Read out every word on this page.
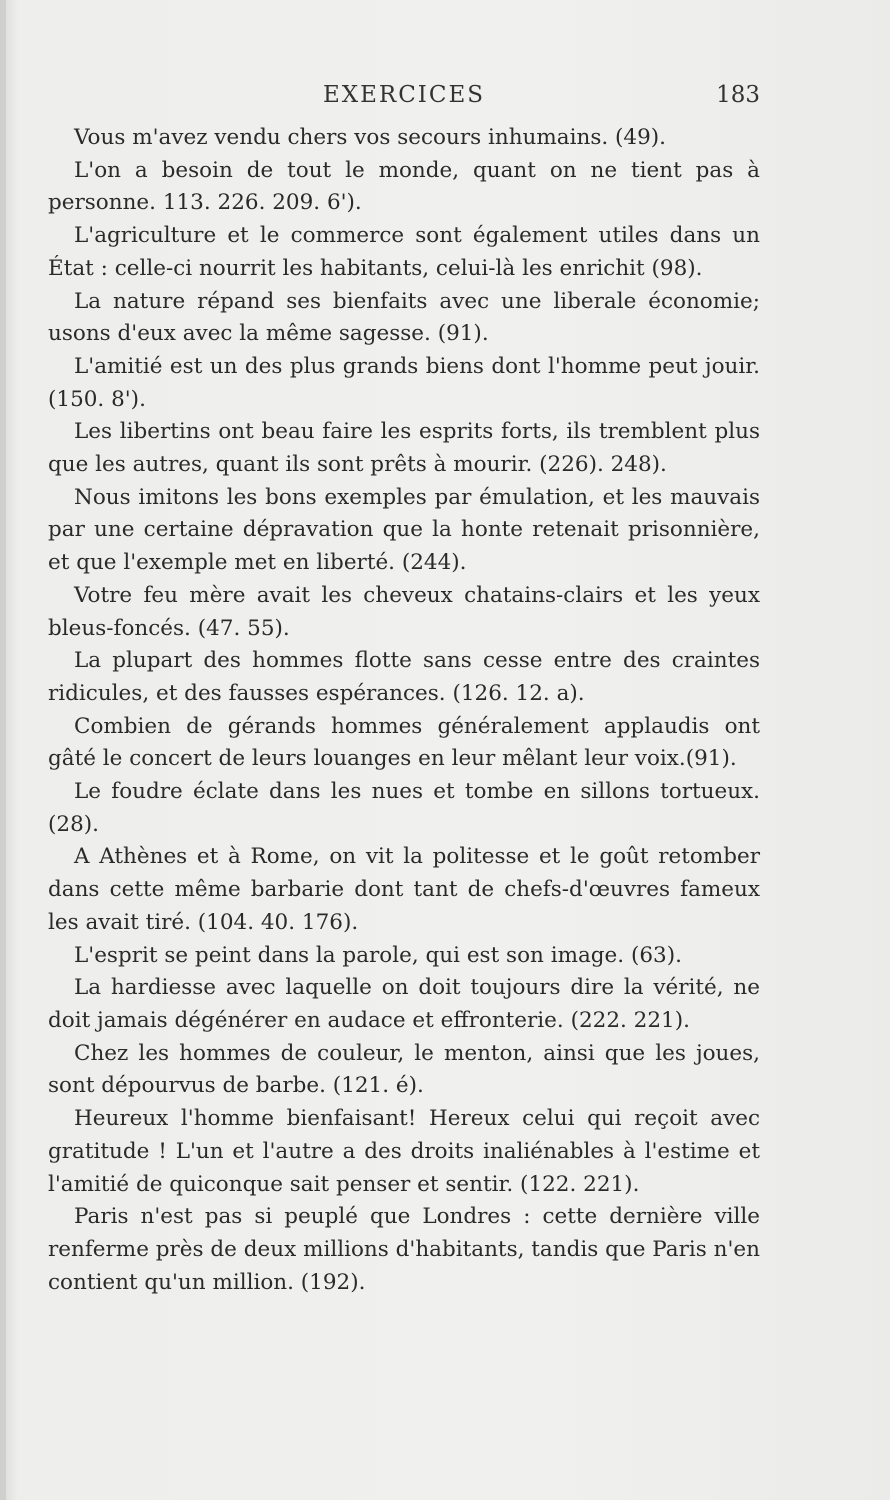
EXERCICES	183

Vous m'avez vendu chers vos secours inhumains. (49).

L'on a besoin de tout le monde, quant on ne tient pas à personne. 113. 226. 209. 6').

L'agriculture et le commerce sont également utiles dans un État : celle-ci nourrit les habitants, celui-là les enrichit (98).

La nature répand ses bienfaits avec une liberale économie; usons d'eux avec la même sagesse. (91).

L'amitié est un des plus grands biens dont l'homme peut jouir. (150. 8').

Les libertins ont beau faire les esprits forts, ils tremblent plus que les autres, quant ils sont prêts à mourir. (226). 248).

Nous imitons les bons exemples par émulation, et les mauvais par une certaine dépravation que la honte retenait prisonnière, et que l'exemple met en liberté. (244).

Votre feu mère avait les cheveux chatains-clairs et les yeux bleus-foncés. (47. 55).

La plupart des hommes flotte sans cesse entre des craintes ridicules, et des fausses espérances. (126. 12. a).

Combien de gérands hommes généralement applaudis ont gâté le concert de leurs louanges en leur mêlant leur voix.(91).

Le foudre éclate dans les nues et tombe en sillons tortueux. (28).

A Athènes et à Rome, on vit la politesse et le goût retomber dans cette même barbarie dont tant de chefs-d'œuvres fameux les avait tiré. (104. 40. 176).

L'esprit se peint dans la parole, qui est son image. (63).

La hardiesse avec laquelle on doit toujours dire la vérité, ne doit jamais dégénérer en audace et effronterie. (222. 221).

Chez les hommes de couleur, le menton, ainsi que les joues, sont dépourvus de barbe. (121. é).

Heureux l'homme bienfaisant! Hereux celui qui reçoit avec gratitude ! L'un et l'autre a des droits inaliénables à l'estime et l'amitié de quiconque sait penser et sentir. (122. 221).

Paris n'est pas si peuplé que Londres : cette dernière ville renferme près de deux millions d'habitants, tandis que Paris n'en contient qu'un million. (192).
